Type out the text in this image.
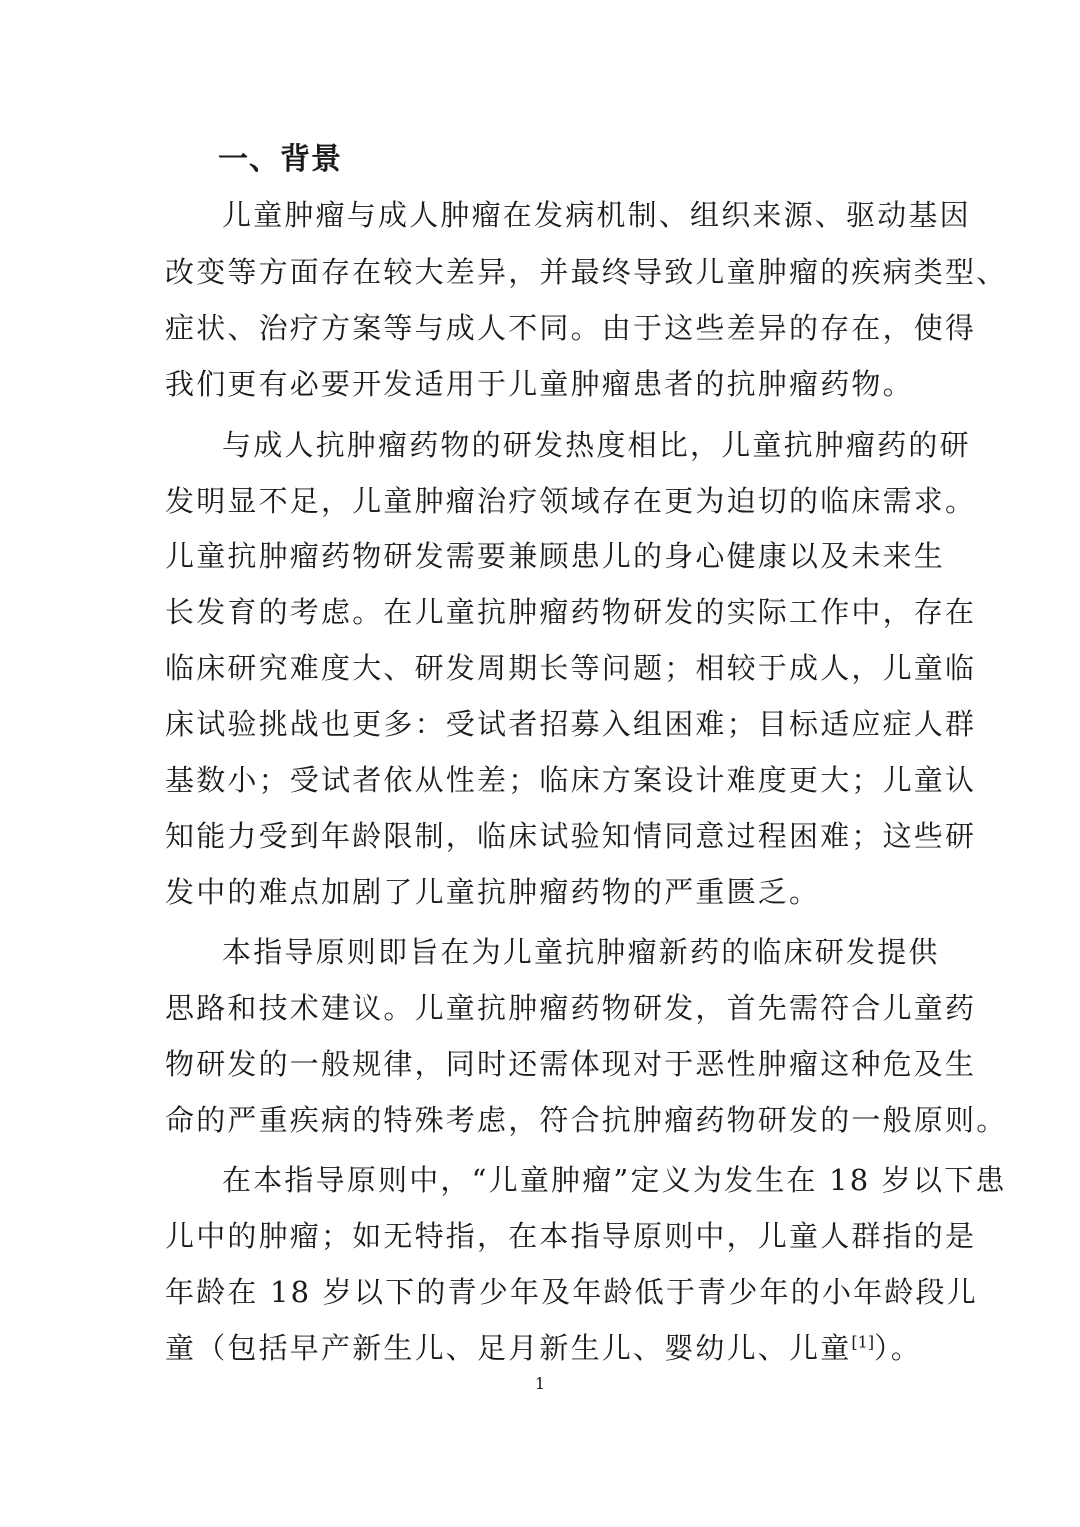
一、背景
儿童肿瘤与成人肿瘤在发病机制、组织来源、驱动基因
改变等方面存在较大差异，并最终导致儿童肿瘤的疾病类型、
症状、治疗方案等与成人不同。由于这些差异的存在，使得
我们更有必要开发适用于儿童肿瘤患者的抗肿瘤药物。
与成人抗肿瘤药物的研发热度相比，儿童抗肿瘤药的研
发明显不足，儿童肿瘤治疗领域存在更为迫切的临床需求。
儿童抗肿瘤药物研发需要兼顾患儿的身心健康以及未来生
长发育的考虑。在儿童抗肿瘤药物研发的实际工作中，存在
临床研究难度大、研发周期长等问题；相较于成人，儿童临
床试验挑战也更多：受试者招募入组困难；目标适应症人群
基数小；受试者依从性差；临床方案设计难度更大；儿童认
知能力受到年龄限制，临床试验知情同意过程困难；这些研
发中的难点加剧了儿童抗肿瘤药物的严重匮乏。
本指导原则即旨在为儿童抗肿瘤新药的临床研发提供
思路和技术建议。儿童抗肿瘤药物研发，首先需符合儿童药
物研发的一般规律，同时还需体现对于恶性肿瘤这种危及生
命的严重疾病的特殊考虑，符合抗肿瘤药物研发的一般原则。
在本指导原则中，“儿童肿瘤”定义为发生在 18 岁以下患
儿中的肿瘤；如无特指，在本指导原则中，儿童人群指的是
年龄在 18 岁以下的青少年及年龄低于青少年的小年龄段儿
童（包括早产新生儿、足月新生儿、婴幼儿、儿童[1]）。
1
